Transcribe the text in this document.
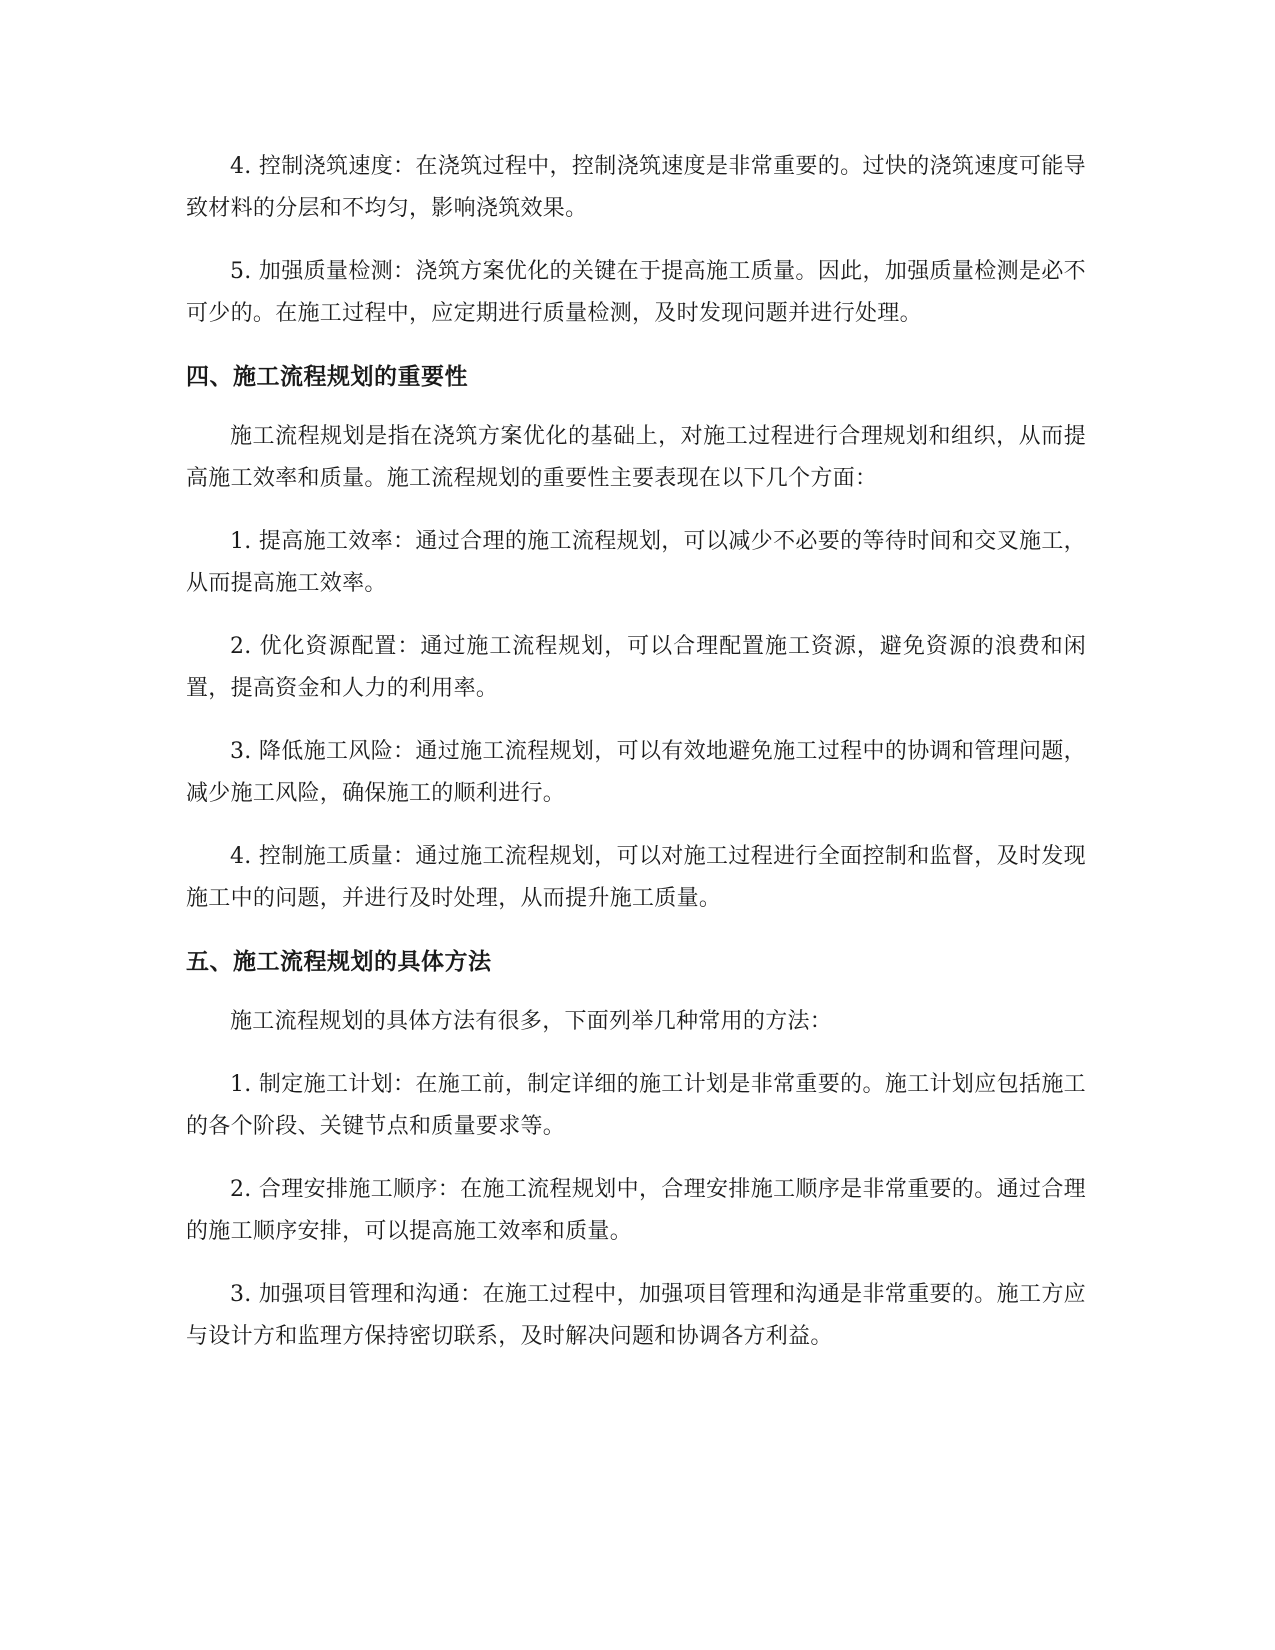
4. 控制浇筑速度：在浇筑过程中，控制浇筑速度是非常重要的。过快的浇筑速度可能导致材料的分层和不均匀，影响浇筑效果。

5. 加强质量检测：浇筑方案优化的关键在于提高施工质量。因此，加强质量检测是必不可少的。在施工过程中，应定期进行质量检测，及时发现问题并进行处理。

四、施工流程规划的重要性

施工流程规划是指在浇筑方案优化的基础上，对施工过程进行合理规划和组织，从而提高施工效率和质量。施工流程规划的重要性主要表现在以下几个方面：

1. 提高施工效率：通过合理的施工流程规划，可以减少不必要的等待时间和交叉施工，从而提高施工效率。

2. 优化资源配置：通过施工流程规划，可以合理配置施工资源，避免资源的浪费和闲置，提高资金和人力的利用率。

3. 降低施工风险：通过施工流程规划，可以有效地避免施工过程中的协调和管理问题，减少施工风险，确保施工的顺利进行。

4. 控制施工质量：通过施工流程规划，可以对施工过程进行全面控制和监督，及时发现施工中的问题，并进行及时处理，从而提升施工质量。

五、施工流程规划的具体方法

施工流程规划的具体方法有很多，下面列举几种常用的方法：

1. 制定施工计划：在施工前，制定详细的施工计划是非常重要的。施工计划应包括施工的各个阶段、关键节点和质量要求等。

2. 合理安排施工顺序：在施工流程规划中，合理安排施工顺序是非常重要的。通过合理的施工顺序安排，可以提高施工效率和质量。

3. 加强项目管理和沟通：在施工过程中，加强项目管理和沟通是非常重要的。施工方应与设计方和监理方保持密切联系，及时解决问题和协调各方利益。
